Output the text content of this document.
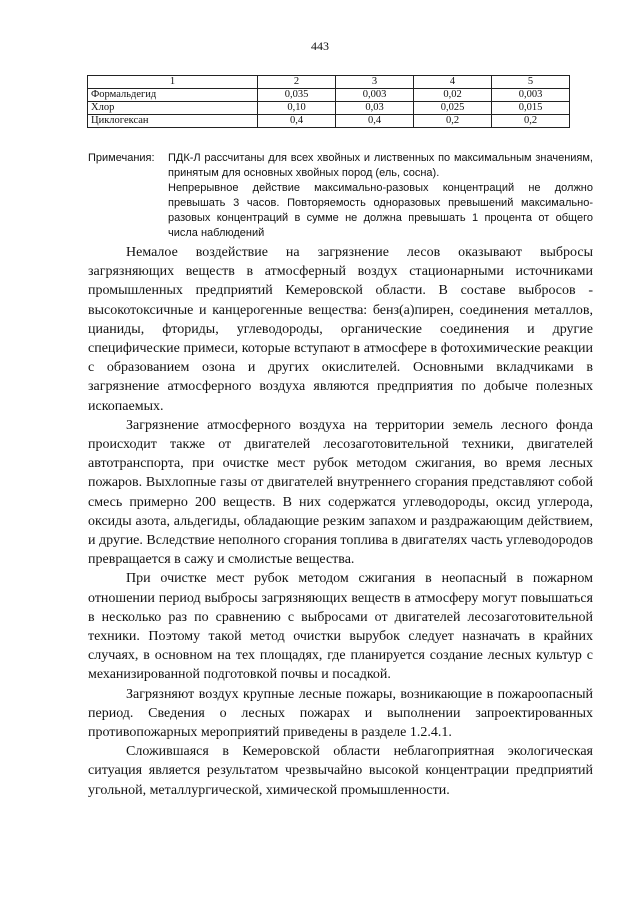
443
1	2	3	4	5
Формальдегид	0,035	0,003	0,02	0,003
Хлор	0,10	0,03	0,025	0,015
Циклогексан	0,4	0,4	0,2	0,2
Примечания: ПДК-Л рассчитаны для всех хвойных и лиственных по максимальным значениям, принятым для основных хвойных пород (ель, сосна).
Непрерывное действие максимально-разовых концентраций не должно превышать 3 часов. Повторяемость одноразовых превышений максимально-разовых концентраций в сумме не должна превышать 1 процента от общего числа наблюдений

Немалое воздействие на загрязнение лесов оказывают выбросы загрязняющих веществ в атмосферный воздух стационарными источниками промышленных предприятий Кемеровской области. В составе выбросов - высокотоксичные и канцерогенные вещества: бенз(а)пирен, соединения металлов, цианиды, фториды, углеводороды, органические соединения и другие специфические примеси, которые вступают в атмосфере в фотохимические реакции с образованием озона и других окислителей. Основными вкладчиками в загрязнение атмосферного воздуха являются предприятия по добыче полезных ископаемых.

Загрязнение атмосферного воздуха на территории земель лесного фонда происходит также от двигателей лесозаготовительной техники, двигателей автотранспорта, при очистке мест рубок методом сжигания, во время лесных пожаров. Выхлопные газы от двигателей внутреннего сгорания представляют собой смесь примерно 200 веществ. В них содержатся углеводороды, оксид углерода, оксиды азота, альдегиды, обладающие резким запахом и раздражающим действием, и другие. Вследствие неполного сгорания топлива в двигателях часть углеводородов превращается в сажу и смолистые вещества.

При очистке мест рубок методом сжигания в неопасный в пожарном отношении период выбросы загрязняющих веществ в атмосферу могут повышаться в несколько раз по сравнению с выбросами от двигателей лесозаготовительной техники. Поэтому такой метод очистки вырубок следует назначать в крайних случаях, в основном на тех площадях, где планируется создание лесных культур с механизированной подготовкой почвы и посадкой.

Загрязняют воздух крупные лесные пожары, возникающие в пожароопасный период. Сведения о лесных пожарах и выполнении запроектированных противопожарных мероприятий приведены в разделе 1.2.4.1.

Сложившаяся в Кемеровской области неблагоприятная экологическая ситуация является результатом чрезвычайно высокой концентрации предприятий угольной, металлургической, химической промышленности.
